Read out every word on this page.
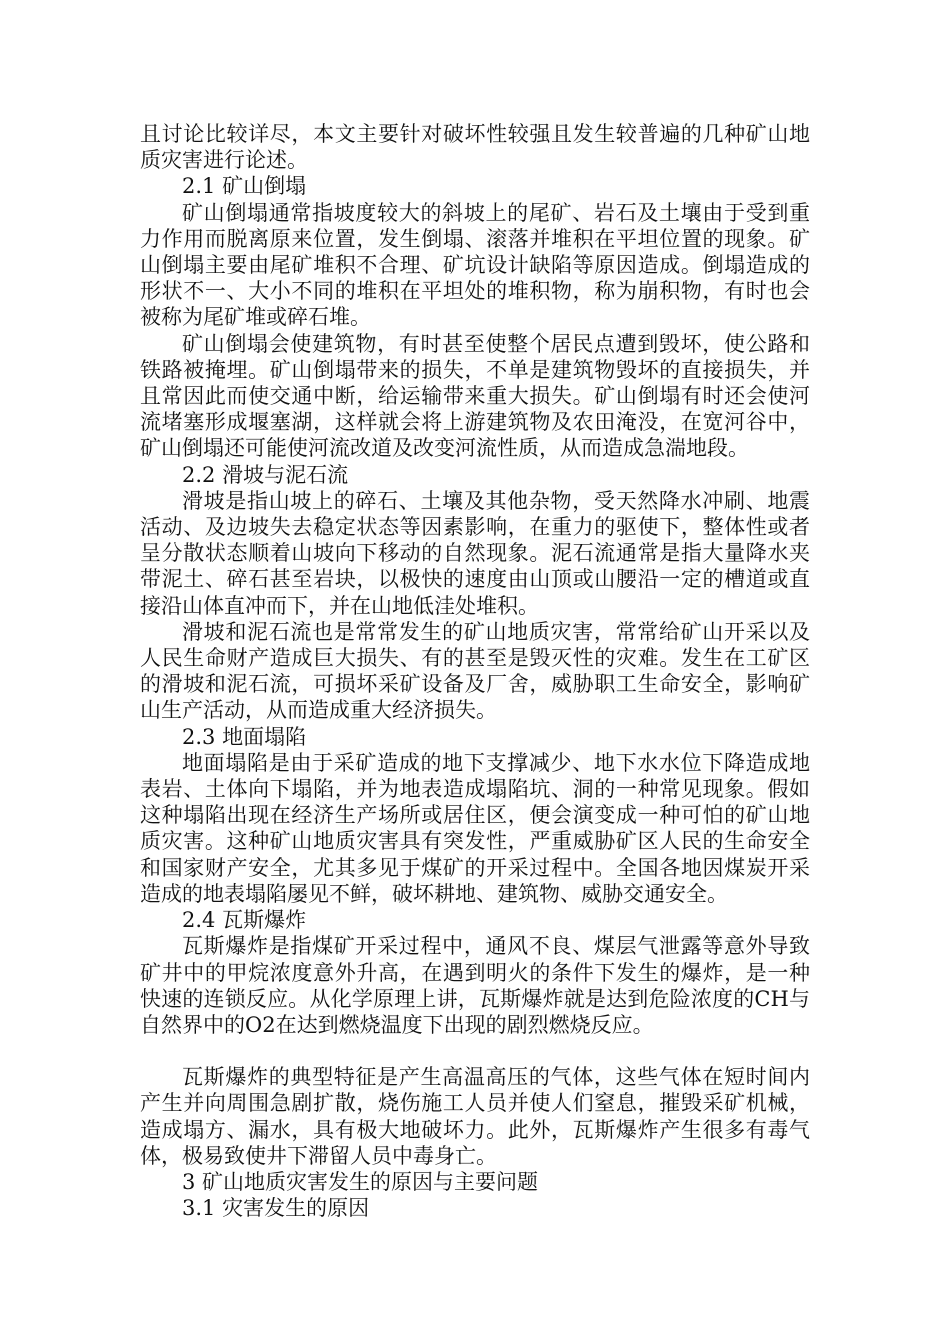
且讨论比较详尽，本文主要针对破坏性较强且发生较普遍的几种矿山地质灾害进行论述。

2.1 矿山倒塌

矿山倒塌通常指坡度较大的斜坡上的尾矿、岩石及土壤由于受到重力作用而脱离原来位置，发生倒塌、滚落并堆积在平坦位置的现象。矿山倒塌主要由尾矿堆积不合理、矿坑设计缺陷等原因造成。倒塌造成的形状不一、大小不同的堆积在平坦处的堆积物，称为崩积物，有时也会被称为尾矿堆或碎石堆。

矿山倒塌会使建筑物，有时甚至使整个居民点遭到毁坏，使公路和铁路被掩埋。矿山倒塌带来的损失，不单是建筑物毁坏的直接损失，并且常因此而使交通中断，给运输带来重大损失。矿山倒塌有时还会使河流堵塞形成堰塞湖，这样就会将上游建筑物及农田淹没，在宽河谷中，矿山倒塌还可能使河流改道及改变河流性质，从而造成急湍地段。

2.2 滑坡与泥石流

滑坡是指山坡上的碎石、土壤及其他杂物，受天然降水冲刷、地震活动、及边坡失去稳定状态等因素影响，在重力的驱使下，整体性或者呈分散状态顺着山坡向下移动的自然现象。泥石流通常是指大量降水夹带泥土、碎石甚至岩块，以极快的速度由山顶或山腰沿一定的槽道或直接沿山体直冲而下，并在山地低洼处堆积。

滑坡和泥石流也是常常发生的矿山地质灾害，常常给矿山开采以及人民生命财产造成巨大损失、有的甚至是毁灭性的灾难。发生在工矿区的滑坡和泥石流，可损坏采矿设备及厂舍，威胁职工生命安全，影响矿山生产活动，从而造成重大经济损失。

2.3 地面塌陷

地面塌陷是由于采矿造成的地下支撑减少、地下水水位下降造成地表岩、土体向下塌陷，并为地表造成塌陷坑、洞的一种常见现象。假如这种塌陷出现在经济生产场所或居住区，便会演变成一种可怕的矿山地质灾害。这种矿山地质灾害具有突发性，严重威胁矿区人民的生命安全和国家财产安全，尤其多见于煤矿的开采过程中。全国各地因煤炭开采造成的地表塌陷屡见不鲜，破坏耕地、建筑物、威胁交通安全。

2.4 瓦斯爆炸

瓦斯爆炸是指煤矿开采过程中，通风不良、煤层气泄露等意外导致矿井中的甲烷浓度意外升高，在遇到明火的条件下发生的爆炸，是一种快速的连锁反应。从化学原理上讲，瓦斯爆炸就是达到危险浓度的CH与自然界中的O2在达到燃烧温度下出现的剧烈燃烧反应。

瓦斯爆炸的典型特征是产生高温高压的气体，这些气体在短时间内产生并向周围急剧扩散，烧伤施工人员并使人们窒息，摧毁采矿机械，造成塌方、漏水，具有极大地破坏力。此外，瓦斯爆炸产生很多有毒气体，极易致使井下滞留人员中毒身亡。

3 矿山地质灾害发生的原因与主要问题

3.1 灾害发生的原因
